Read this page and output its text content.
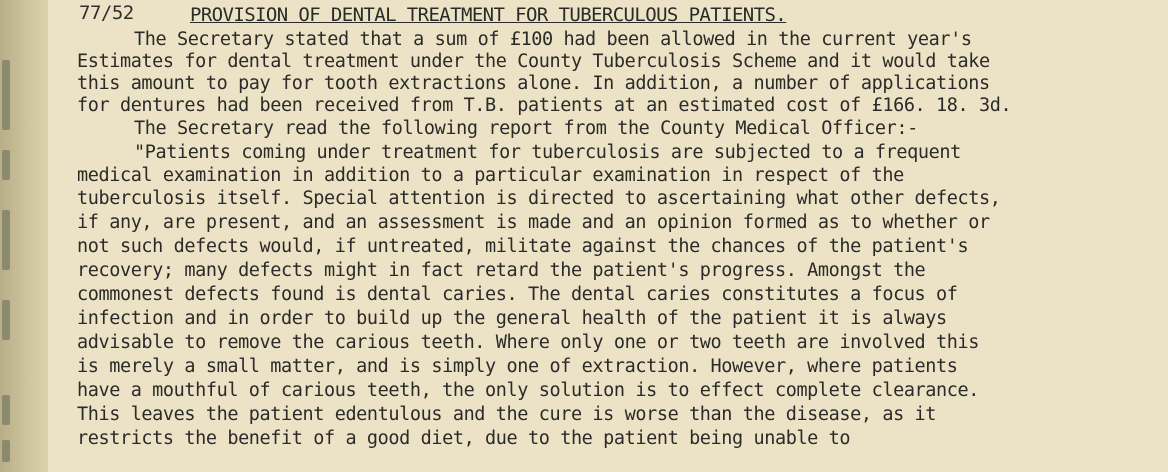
77/52	PROVISION OF DENTAL TREATMENT FOR TUBERCULOUS PATIENTS.
The Secretary stated that a sum of £100 had been allowed in the current year's
Estimates for dental treatment under the County Tuberculosis Scheme and it would take
this amount to pay for tooth extractions alone. In addition, a number of applications
for dentures had been received from T.B. patients at an estimated cost of £166. 18. 3d.
The Secretary read the following report from the County Medical Officer:-
"Patients coming under treatment for tuberculosis are subjected to a frequent
medical examination in addition to a particular examination in respect of the
tuberculosis itself. Special attention is directed to ascertaining what other defects,
if any, are present, and an assessment is made and an opinion formed as to whether or
not such defects would, if untreated, militate against the chances of the patient's
recovery; many defects might in fact retard the patient's progress. Amongst the
commonest defects found is dental caries. The dental caries constitutes a focus of
infection and in order to build up the general health of the patient it is always
advisable to remove the carious teeth. Where only one or two teeth are involved this
is merely a small matter, and is simply one of extraction. However, where patients
have a mouthful of carious teeth, the only solution is to effect complete clearance.
This leaves the patient edentulous and the cure is worse than the disease, as it
restricts the benefit of a good diet, due to the patient being unable to
